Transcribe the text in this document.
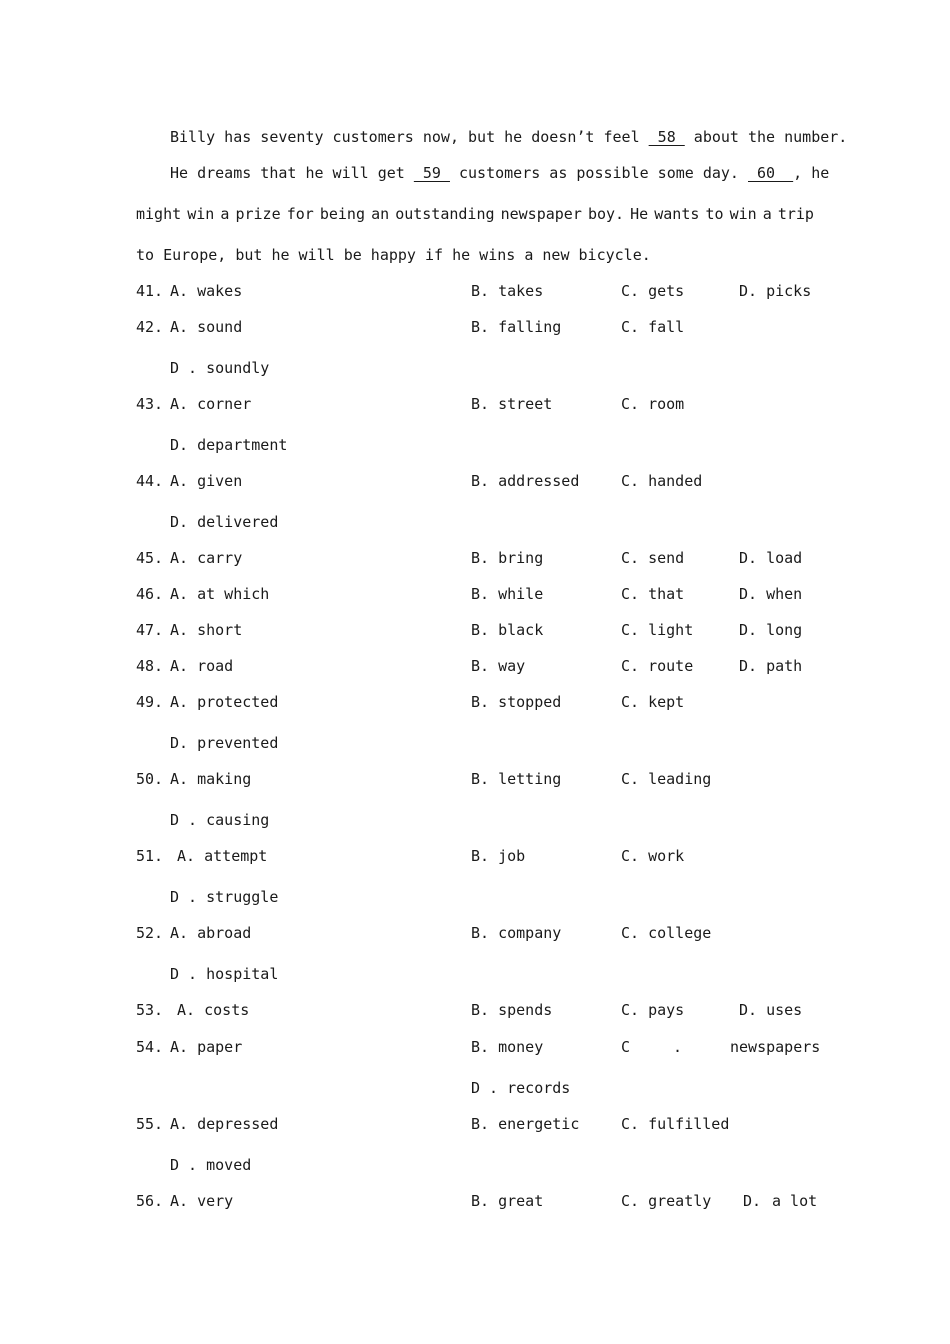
Billy has seventy customers now, but he doesn’t feel  58  about the number.
He dreams that he will get  59  customers as possible some day.  60  , he
might win a prize for being an outstanding newspaper boy. He wants to win a trip
to Europe, but he will be happy if he wins a new bicycle.
41. A. wakes	B. takes	C. gets	D. picks
42. A. sound	B. falling	C. fall
D . soundly
43. A. corner	B. street	C. room
D. department
44. A. given	B. addressed	C. handed
D. delivered
45. A. carry	B. bring	C. send	D. load
46. A. at which	B. while	C. that	D. when
47. A. short	B. black	C. light	D. long
48. A. road	B. way	C. route	D. path
49. A. protected	B. stopped	C. kept
D. prevented
50. A. making	B. letting	C. leading
D . causing
51. A. attempt	B. job	C. work
D . struggle
52. A. abroad	B. company	C. college
D . hospital
53. A. costs	B. spends	C. pays	D. uses
54. A. paper	B. money	C	.	newspapers
D . records
55. A. depressed	B. energetic	C. fulfilled
D . moved
56. A. very	B. great	C. greatly D. a lot
